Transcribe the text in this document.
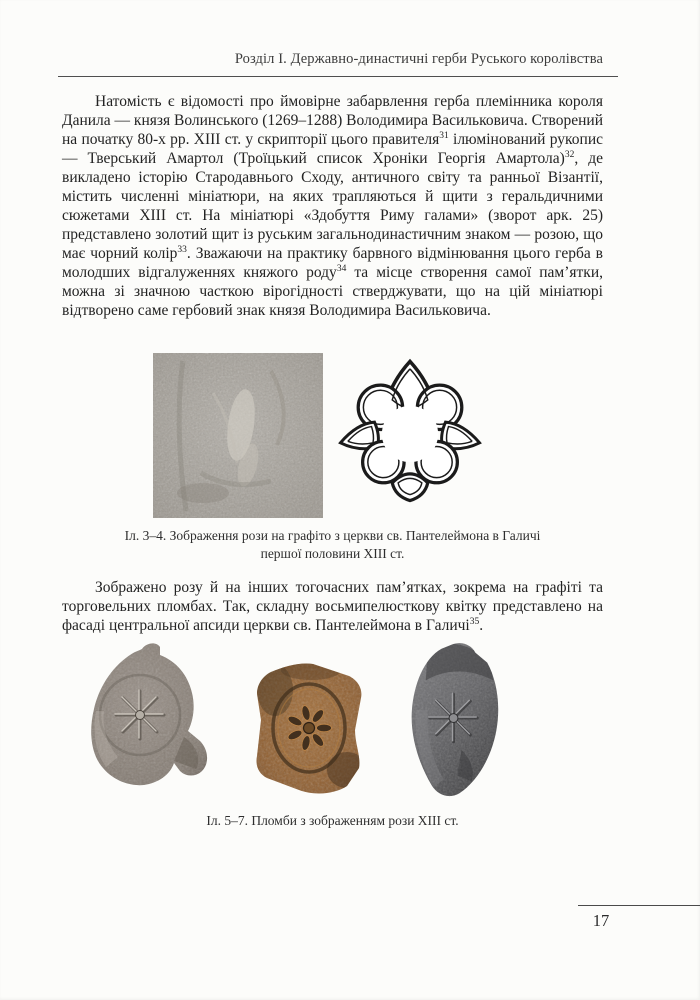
Розділ І. Державно-династичні герби Руського королівства

Натомість є відомості про ймовірне забарвлення герба племінника короля Данила — князя Волинського (1269–1288) Володимира Васильковича. Створений на початку 80-х рр. XIII ст. у скрипторії цього правителя$^{31}$ ілюмінований рукопис — Тверський Амартол (Троїцький список Хроніки Георгія Амартола)$^{32}$, де викладено історію Стародавнього Сходу, античного світу та ранньої Візантії, містить численні мініатюри, на яких трапляються й щити з геральдичними сюжетами XIII ст. На мініатюрі «Здобуття Риму галами» (зворот арк. 25) представлено золотий щит із руським загальнодинастичним знаком — розою, що має чорний колір$^{33}$. Зважаючи на практику барвного відмінювання цього герба в молодших відгалуженнях княжого роду$^{34}$ та місце створення самої пам’ятки, можна зі значною часткою вірогідності стверджувати, що на цій мініатюрі відтворено саме гербовий знак князя Володимира Васильковича.

Іл. 3–4. Зображення рози на графіто з церкви св. Пантелеймона в Галичі
першої половини XIII ст.

Зображено розу й на інших тогочасних пам’ятках, зокрема на графіті та торговельних пломбах. Так, складну восьмипелюсткову квітку представлено на фасаді центральної апсиди церкви св. Пантелеймона в Галичі$^{35}$.

Іл. 5–7. Пломби з зображенням рози XIII ст.

17
